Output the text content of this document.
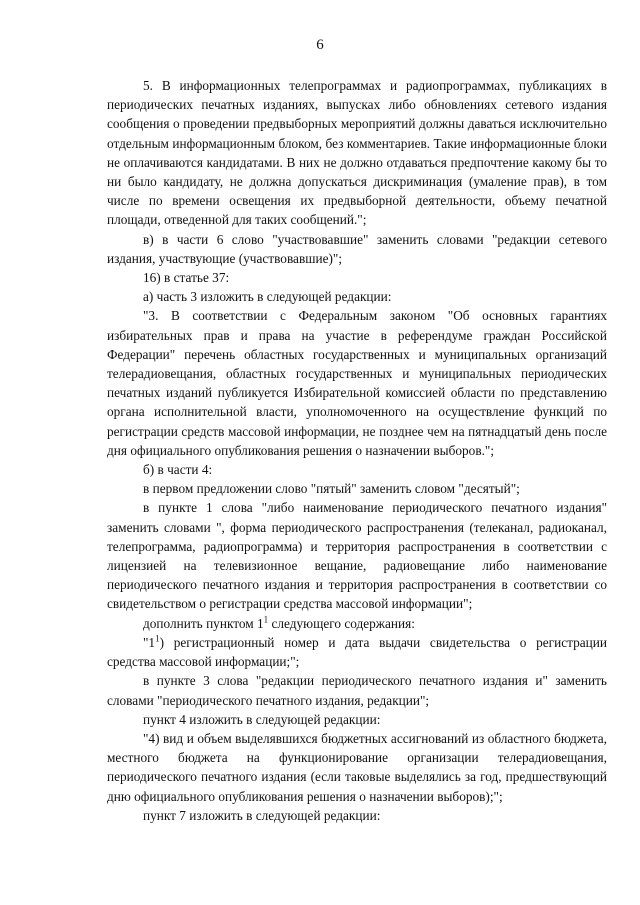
6

5. В информационных телепрограммах и радиопрограммах, публикациях в периодических печатных изданиях, выпусках либо обновлениях сетевого издания сообщения о проведении предвыборных мероприятий должны даваться исключительно отдельным информационным блоком, без комментариев. Такие информационные блоки не оплачиваются кандидатами. В них не должно отдаваться предпочтение какому бы то ни было кандидату, не должна допускаться дискриминация (умаление прав), в том числе по времени освещения их предвыборной деятельности, объему печатной площади, отведенной для таких сообщений.";

в) в части 6 слово "участвовавшие" заменить словами "редакции сетевого издания, участвующие (участвовавшие)";

16) в статье 37:

а) часть 3 изложить в следующей редакции:

"3. В соответствии с Федеральным законом "Об основных гарантиях избирательных прав и права на участие в референдуме граждан Российской Федерации" перечень областных государственных и муниципальных организаций телерадиовещания, областных государственных и муниципальных периодических печатных изданий публикуется Избирательной комиссией области по представлению органа исполнительной власти, уполномоченного на осуществление функций по регистрации средств массовой информации, не позднее чем на пятнадцатый день после дня официального опубликования решения о назначении выборов.";

б) в части 4:

в первом предложении слово "пятый" заменить словом "десятый";

в пункте 1 слова "либо наименование периодического печатного издания" заменить словами ", форма периодического распространения (телеканал, радиоканал, телепрограмма, радиопрограмма) и территория распространения в соответствии с лицензией на телевизионное вещание, радиовещание либо наименование периодического печатного издания и территория распространения в соответствии со свидетельством о регистрации средства массовой информации";

дополнить пунктом $1^1$ следующего содержания:

"$1^1$) регистрационный номер и дата выдачи свидетельства о регистрации средства массовой информации;";

в пункте 3 слова "редакции периодического печатного издания и" заменить словами "периодического печатного издания, редакции";

пункт 4 изложить в следующей редакции:

"4) вид и объем выделявшихся бюджетных ассигнований из областного бюджета, местного бюджета на функционирование организации телерадиовещания, периодического печатного издания (если таковые выделялись за год, предшествующий дню официального опубликования решения о назначении выборов);";

пункт 7 изложить в следующей редакции:
